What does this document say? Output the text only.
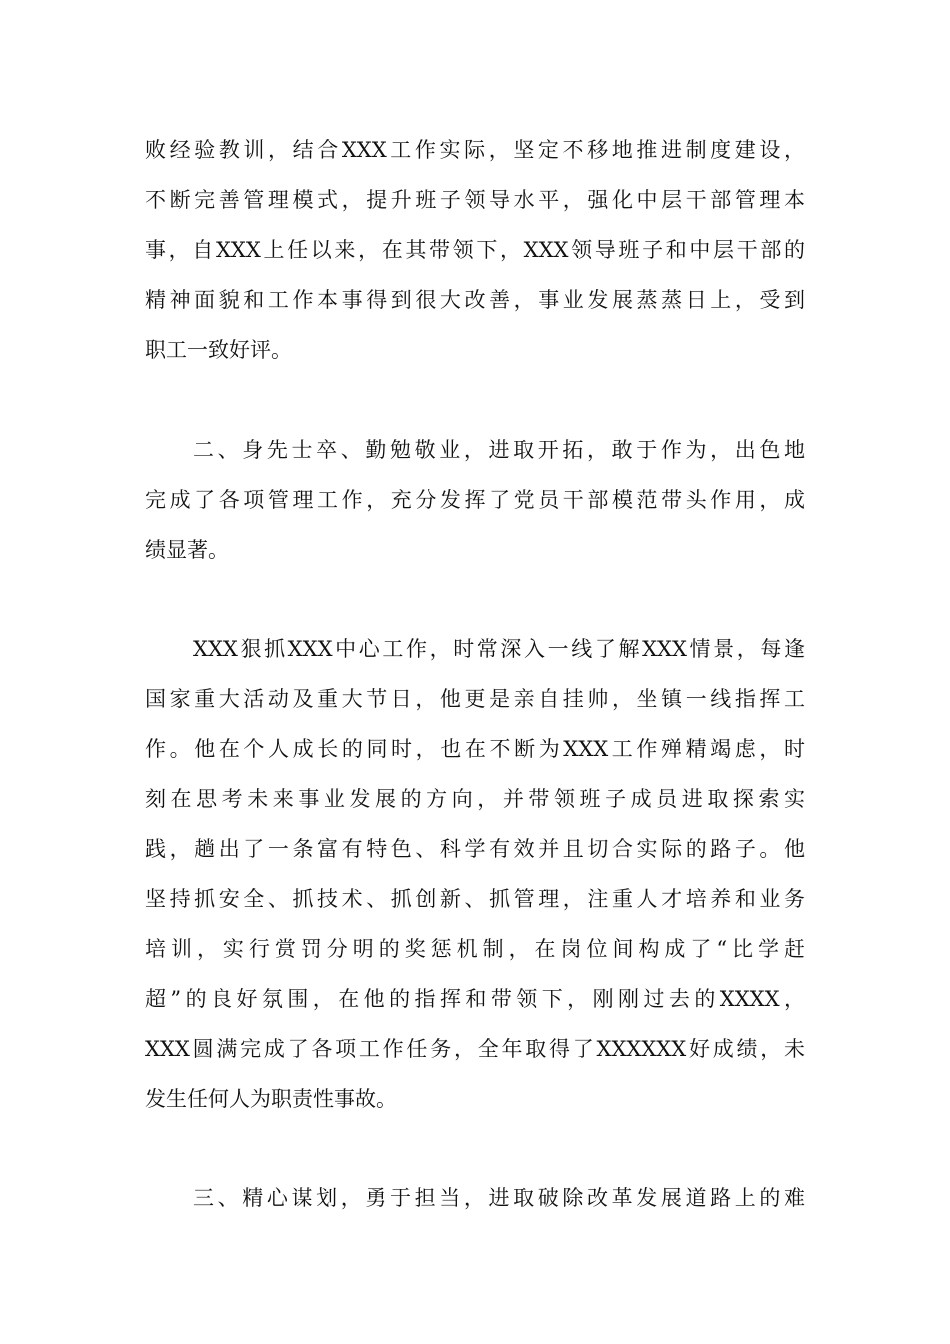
败经验教训，结合XXX工作实际，坚定不移地推进制度建设，
不断完善管理模式，提升班子领导水平，强化中层干部管理本
事，自XXX上任以来，在其带领下，XXX领导班子和中层干部的
精神面貌和工作本事得到很大改善，事业发展蒸蒸日上，受到
职工一致好评。
二、身先士卒、勤勉敬业，进取开拓，敢于作为，出色地
完成了各项管理工作，充分发挥了党员干部模范带头作用，成
绩显著。
XXX狠抓XXX中心工作，时常深入一线了解XXX情景，每逢
国家重大活动及重大节日，他更是亲自挂帅，坐镇一线指挥工
作。他在个人成长的同时，也在不断为XXX工作殚精竭虑，时
刻在思考未来事业发展的方向，并带领班子成员进取探索实
践，趟出了一条富有特色、科学有效并且切合实际的路子。他
坚持抓安全、抓技术、抓创新、抓管理，注重人才培养和业务
培训，实行赏罚分明的奖惩机制，在岗位间构成了“比学赶
超”的良好氛围，在他的指挥和带领下，刚刚过去的XXXX，
XXX圆满完成了各项工作任务，全年取得了XXXXXX好成绩，未
发生任何人为职责性事故。
三、精心谋划，勇于担当，进取破除改革发展道路上的难
